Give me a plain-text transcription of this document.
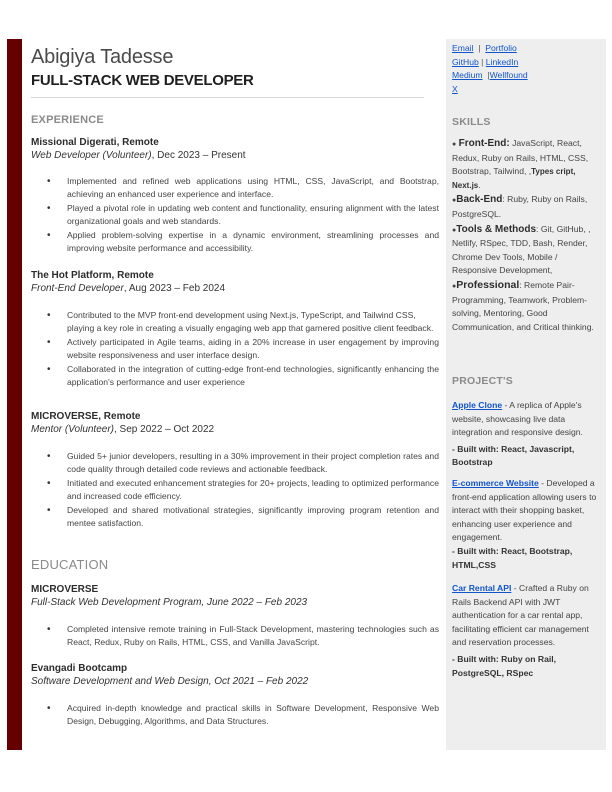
Abigiya Tadesse
FULL-STACK WEB DEVELOPER
EXPERIENCE
Missional Digerati, Remote
Web Developer (Volunteer), Dec 2023 – Present
• Implemented and refined web applications using HTML, CSS, JavaScript, and Bootstrap, achieving an enhanced user experience and interface.
• Played a pivotal role in updating web content and functionality, ensuring alignment with the latest organizational goals and web standards.
• Applied problem-solving expertise in a dynamic environment, streamlining processes and improving website performance and accessibility.
The Hot Platform, Remote
Front-End Developer, Aug 2023 – Feb 2024
• Contributed to the MVP front-end development using Next.js, TypeScript, and Tailwind CSS, playing a key role in creating a visually engaging web app that garnered positive client feedback.
• Actively participated in Agile teams, aiding in a 20% increase in user engagement by improving website responsiveness and user interface design.
• Collaborated in the integration of cutting-edge front-end technologies, significantly enhancing the application's performance and user experience
MICROVERSE, Remote
Mentor (Volunteer), Sep 2022 – Oct 2022
• Guided 5+ junior developers, resulting in a 30% improvement in their project completion rates and code quality through detailed code reviews and actionable feedback.
• Initiated and executed enhancement strategies for 20+ projects, leading to optimized performance and increased code efficiency.
• Developed and shared motivational strategies, significantly improving program retention and mentee satisfaction.
EDUCATION
MICROVERSE
Full-Stack Web Development Program, June 2022 – Feb 2023
• Completed intensive remote training in Full-Stack Development, mastering technologies such as React, Redux, Ruby on Rails, HTML, CSS, and Vanilla JavaScript.
Evangadi Bootcamp
Software Development and Web Design, Oct 2021 – Feb 2022
• Acquired in-depth knowledge and practical skills in Software Development, Responsive Web Design, Debugging, Algorithms, and Data Structures.
Email | Portfolio
GitHub | LinkedIn
Medium |Wellfound
X
SKILLS
● Front-End: JavaScript, React, Redux, Ruby on Rails, HTML, CSS, Bootstrap, Tailwind, ,Types cript, Next.js.
●Back-End: Ruby, Ruby on Rails, PostgreSQL.
●Tools & Methods: Git, GitHub, , Netlify, RSpec, TDD, Bash, Render, Chrome Dev Tools, Mobile / Responsive Development,
●Professional: Remote Pair-Programming, Teamwork, Problem-solving, Mentoring, Good Communication, and Critical thinking.
PROJECT'S
Apple Clone - A replica of Apple's website, showcasing live data integration and responsive design.
- Built with: React, Javascript, Bootstrap
E-commerce Website - Developed a front-end application allowing users to interact with their shopping basket, enhancing user experience and engagement.
- Built with: React, Bootstrap, HTML,CSS
Car Rental API - Crafted a Ruby on Rails Backend API with JWT authentication for a car rental app, facilitating efficient car management and reservation processes.
- Built with: Ruby on Rail, PostgreSQL, RSpec
